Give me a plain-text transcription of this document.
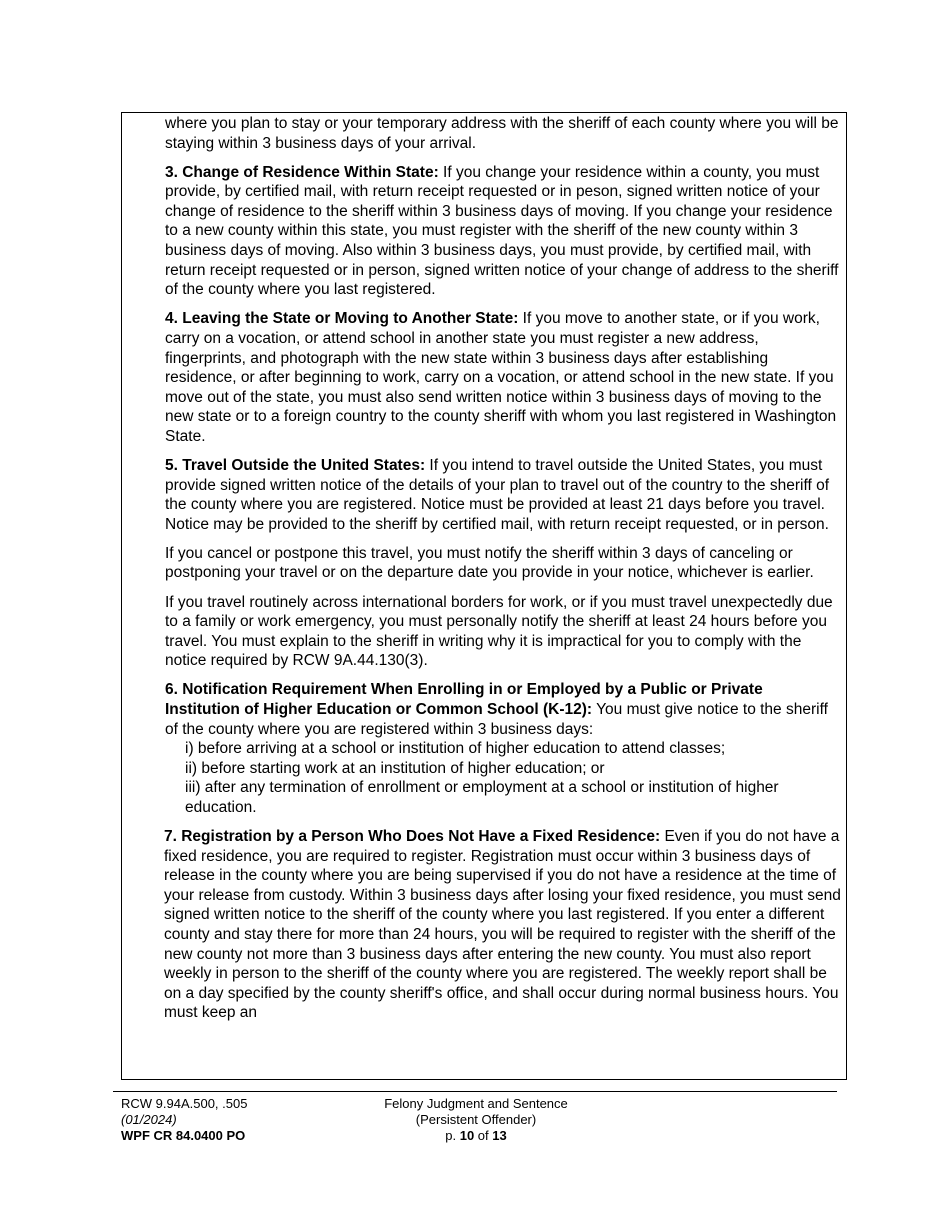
where you plan to stay or your temporary address with the sheriff of each county where you will be staying within 3 business days of your arrival.

3. Change of Residence Within State: If you change your residence within a county, you must provide, by certified mail, with return receipt requested or in peson, signed written notice of your change of residence to the sheriff within 3 business days of moving. If you change your residence to a new county within this state, you must register with the sheriff of the new county within 3 business days of moving. Also within 3 business days, you must provide, by certified mail, with return receipt requested or in person, signed written notice of your change of address to the sheriff of the county where you last registered.

4. Leaving the State or Moving to Another State: If you move to another state, or if you work, carry on a vocation, or attend school in another state you must register a new address, fingerprints, and photograph with the new state within 3 business days after establishing residence, or after beginning to work, carry on a vocation, or attend school in the new state. If you move out of the state, you must also send written notice within 3 business days of moving to the new state or to a foreign country to the county sheriff with whom you last registered in Washington State.

5. Travel Outside the United States: If you intend to travel outside the United States, you must provide signed written notice of the details of your plan to travel out of the country to the sheriff of the county where you are registered. Notice must be provided at least 21 days before you travel. Notice may be provided to the sheriff by certified mail, with return receipt requested, or in person.

If you cancel or postpone this travel, you must notify the sheriff within 3 days of canceling or postponing your travel or on the departure date you provide in your notice, whichever is earlier.

If you travel routinely across international borders for work, or if you must travel unexpectedly due to a family or work emergency, you must personally notify the sheriff at least 24 hours before you travel. You must explain to the sheriff in writing why it is impractical for you to comply with the notice required by RCW 9A.44.130(3).

6. Notification Requirement When Enrolling in or Employed by a Public or Private Institution of Higher Education or Common School (K-12): You must give notice to the sheriff of the county where you are registered within 3 business days:

i) before arriving at a school or institution of higher education to attend classes;
ii) before starting work at an institution of higher education; or
iii) after any termination of enrollment or employment at a school or institution of higher education.

7. Registration by a Person Who Does Not Have a Fixed Residence: Even if you do not have a fixed residence, you are required to register. Registration must occur within 3 business days of release in the county where you are being supervised if you do not have a residence at the time of your release from custody. Within 3 business days after losing your fixed residence, you must send signed written notice to the sheriff of the county where you last registered. If you enter a different county and stay there for more than 24 hours, you will be required to register with the sheriff of the new county not more than 3 business days after entering the new county. You must also report weekly in person to the sheriff of the county where you are registered. The weekly report shall be on a day specified by the county sheriff's office, and shall occur during normal business hours. You must keep an

RCW 9.94A.500, .505
(01/2024)
WPF CR 84.0400 PO
Felony Judgment and Sentence
(Persistent Offender)
p. 10 of 13
